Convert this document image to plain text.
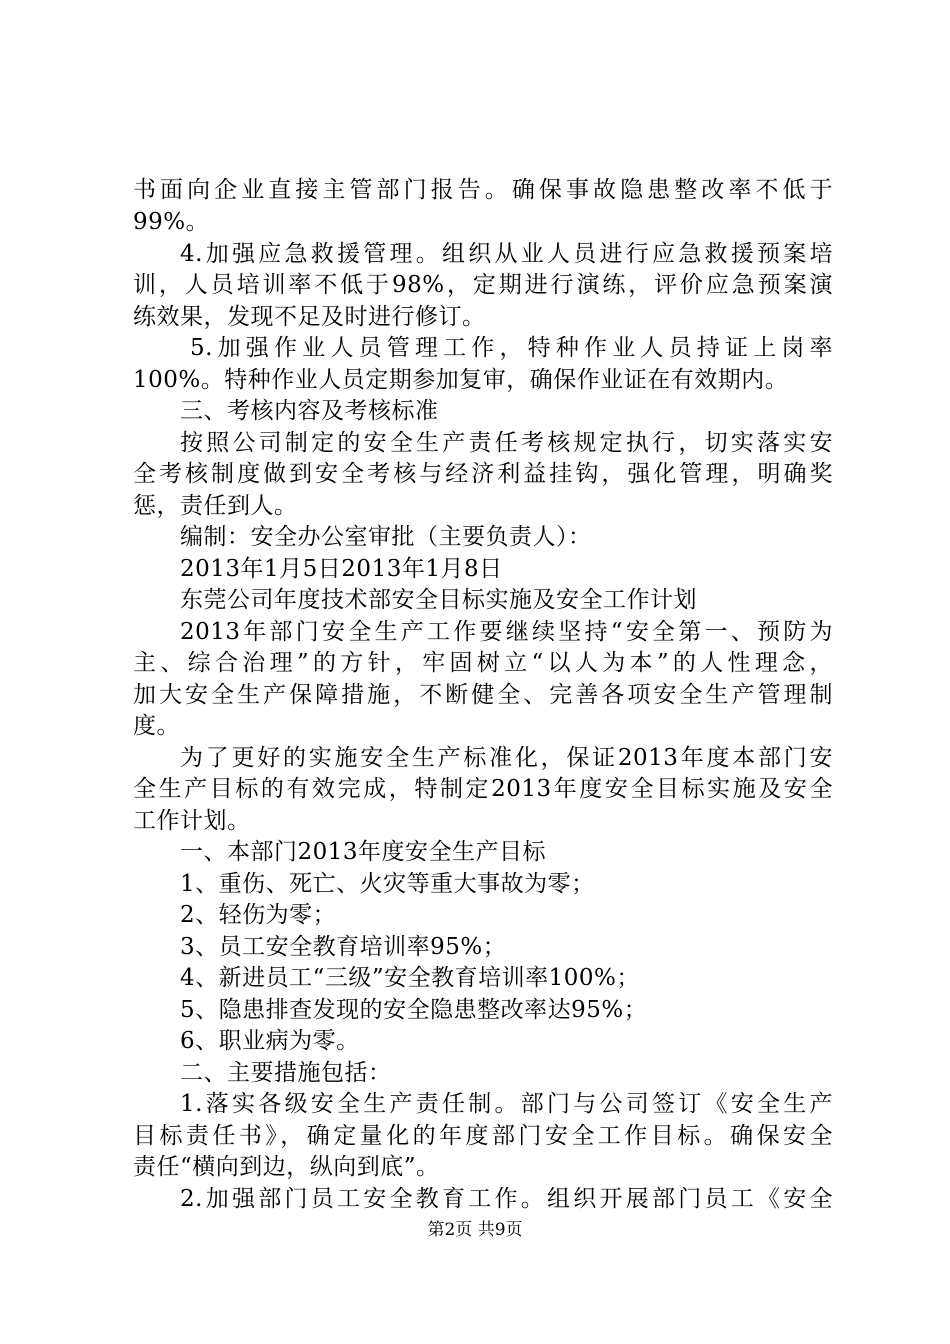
书面向企业直接主管部门报告。确保事故隐患整改率不低于
99%。
4.加强应急救援管理。组织从业人员进行应急救援预案培
训，人员培训率不低于98%，定期进行演练，评价应急预案演
练效果，发现不足及时进行修订。
5.加强作业人员管理工作，特种作业人员持证上岗率
100%。特种作业人员定期参加复审，确保作业证在有效期内。
三、考核内容及考核标准
按照公司制定的安全生产责任考核规定执行，切实落实安
全考核制度做到安全考核与经济利益挂钩，强化管理，明确奖
惩，责任到人。
编制：安全办公室审批（主要负责人）：
2013年1月5日2013年1月8日
东莞公司年度技术部安全目标实施及安全工作计划
2013年部门安全生产工作要继续坚持“安全第一、预防为
主、综合治理”的方针，牢固树立“以人为本”的人性理念，
加大安全生产保障措施，不断健全、完善各项安全生产管理制
度。
为了更好的实施安全生产标准化，保证2013年度本部门安
全生产目标的有效完成，特制定2013年度安全目标实施及安全
工作计划。
一、本部门2013年度安全生产目标
1、重伤、死亡、火灾等重大事故为零；
2、轻伤为零；
3、员工安全教育培训率95%；
4、新进员工“三级”安全教育培训率100%；
5、隐患排查发现的安全隐患整改率达95%；
6、职业病为零。
二、主要措施包括：
1.落实各级安全生产责任制。部门与公司签订《安全生产
目标责任书》，确定量化的年度部门安全工作目标。确保安全
责任“横向到边，纵向到底”。
2.加强部门员工安全教育工作。组织开展部门员工《安全
第2页 共9页
